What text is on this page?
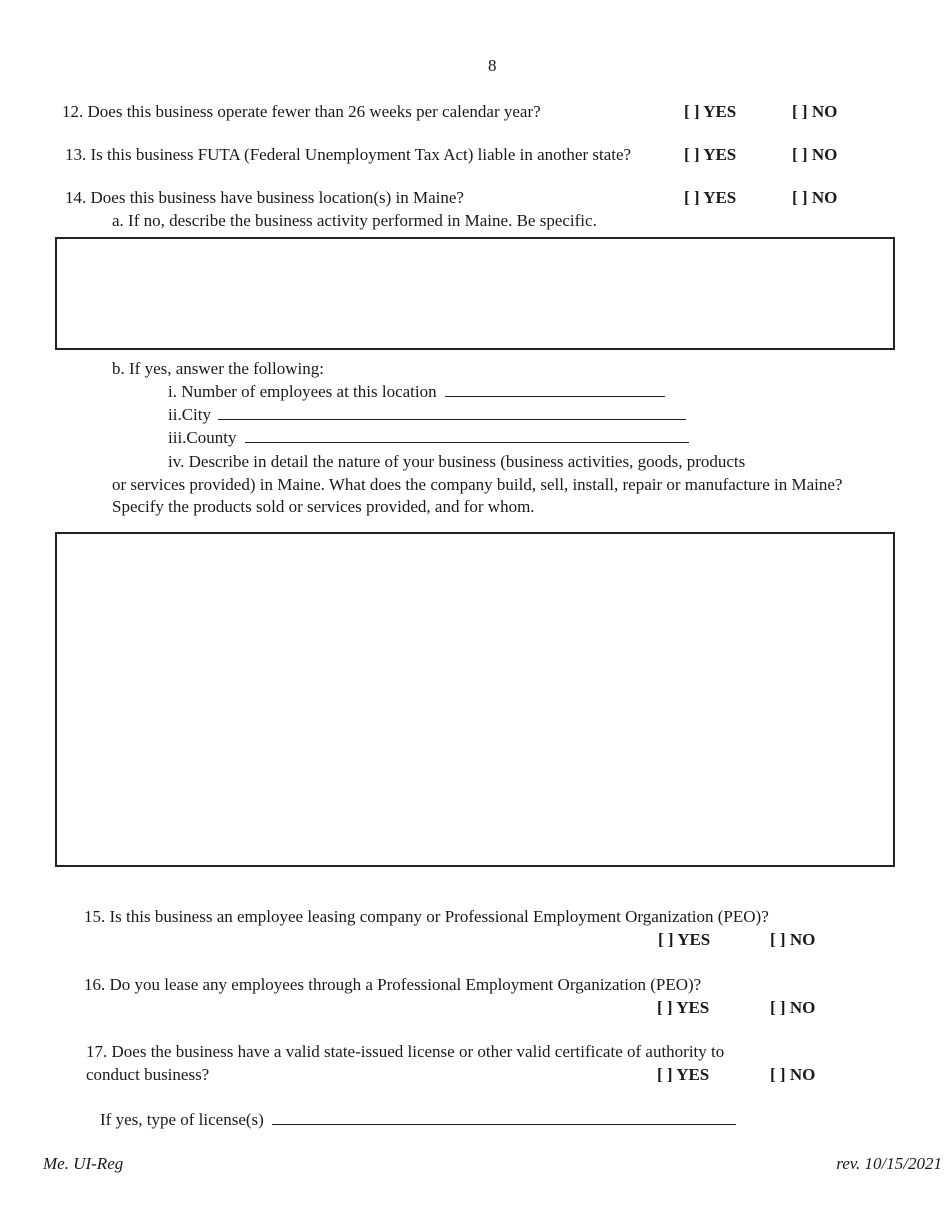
8
12. Does this business operate fewer than 26 weeks per calendar year?	[ ] YES	[ ] NO
13. Is this business FUTA (Federal Unemployment Tax Act) liable in another state?	[ ] YES	[ ] NO
14. Does this business have business location(s) in Maine?	[ ] YES	[ ] NO
a. If no, describe the business activity performed in Maine. Be specific.
b. If yes, answer the following:
i. Number of employees at this location
ii.City
iii.County
iv. Describe in detail the nature of your business (business activities, goods, products
or services provided) in Maine. What does the company build, sell, install, repair or manufacture in Maine?
Specify the products sold or services provided, and for whom.
15. Is this business an employee leasing company or Professional Employment Organization (PEO)?
[ ] YES	[ ] NO
16. Do you lease any employees through a Professional Employment Organization (PEO)?
[ ] YES	[ ] NO
17. Does the business have a valid state-issued license or other valid certificate of authority to
conduct business?	[ ] YES	[ ] NO
If yes, type of license(s)
Me. UI-Reg	rev. 10/15/2021
